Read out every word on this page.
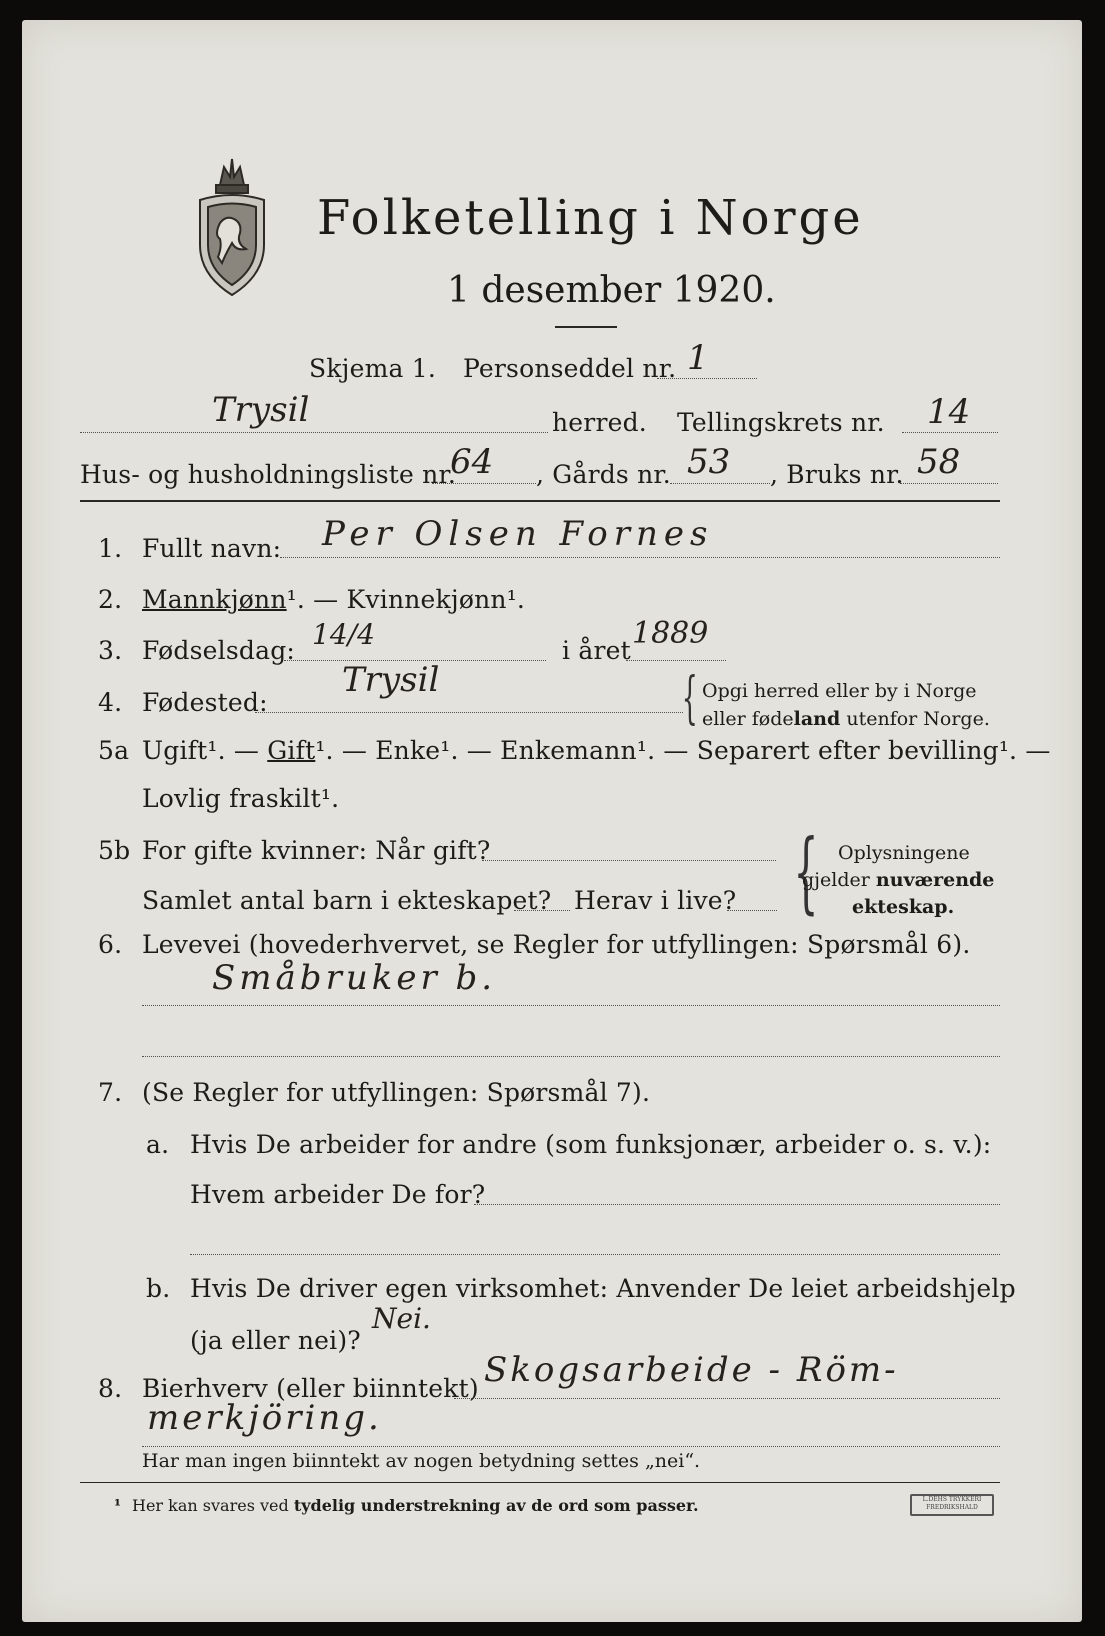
Folketelling i Norge
1 desember 1920.
Skjema 1. Personseddel nr. 1
Trysil	herred. Tellingskrets nr. 14
Hus- og husholdningsliste nr.
64 , Gårds nr. 53 , Bruks nr. 58
1. Fullt navn: Per Olsen Fornes
2. Mannkjønn¹. — Kvinnekjønn¹.
3. Fødselsdag: 14/4	i året 1889
4. Fødested:
Trysil	{ Opgi herred eller by i Norge
eller fødeland utenfor Norge.
5a Ugift¹. — Gift¹. — Enke¹. — Enkemann¹. — Separert efter bevilling¹. —
Lovlig fraskilt¹.
5b For gifte kvinner: Når gift?
Samlet antal barn i ekteskapet? Herav i live? { Oplysningene
gjelder nuværende
ekteskap.
6. Levevei (hovederhvervet, se Regler for utfyllingen: Spørsmål 6).
Småbruker b.
7. (Se Regler for utfyllingen: Spørsmål 7).
a. Hvis De arbeider for andre (som funksjonær, arbeider o. s. v.):
Hvem arbeider De for?
b. Hvis De driver egen virksomhet: Anvender De leiet arbeidshjelp
(ja eller nei)?
Nei.
8. Bierhverv (eller biinntekt) Skogsarbeide - Röm-
merkjöring.
Har man ingen biinntekt av nogen betydning settes „nei“.
¹ Her kan svares ved tydelig understrekning av de ord som passer.	L.DEHS TRYKKERI
FREDRIKSHALD
